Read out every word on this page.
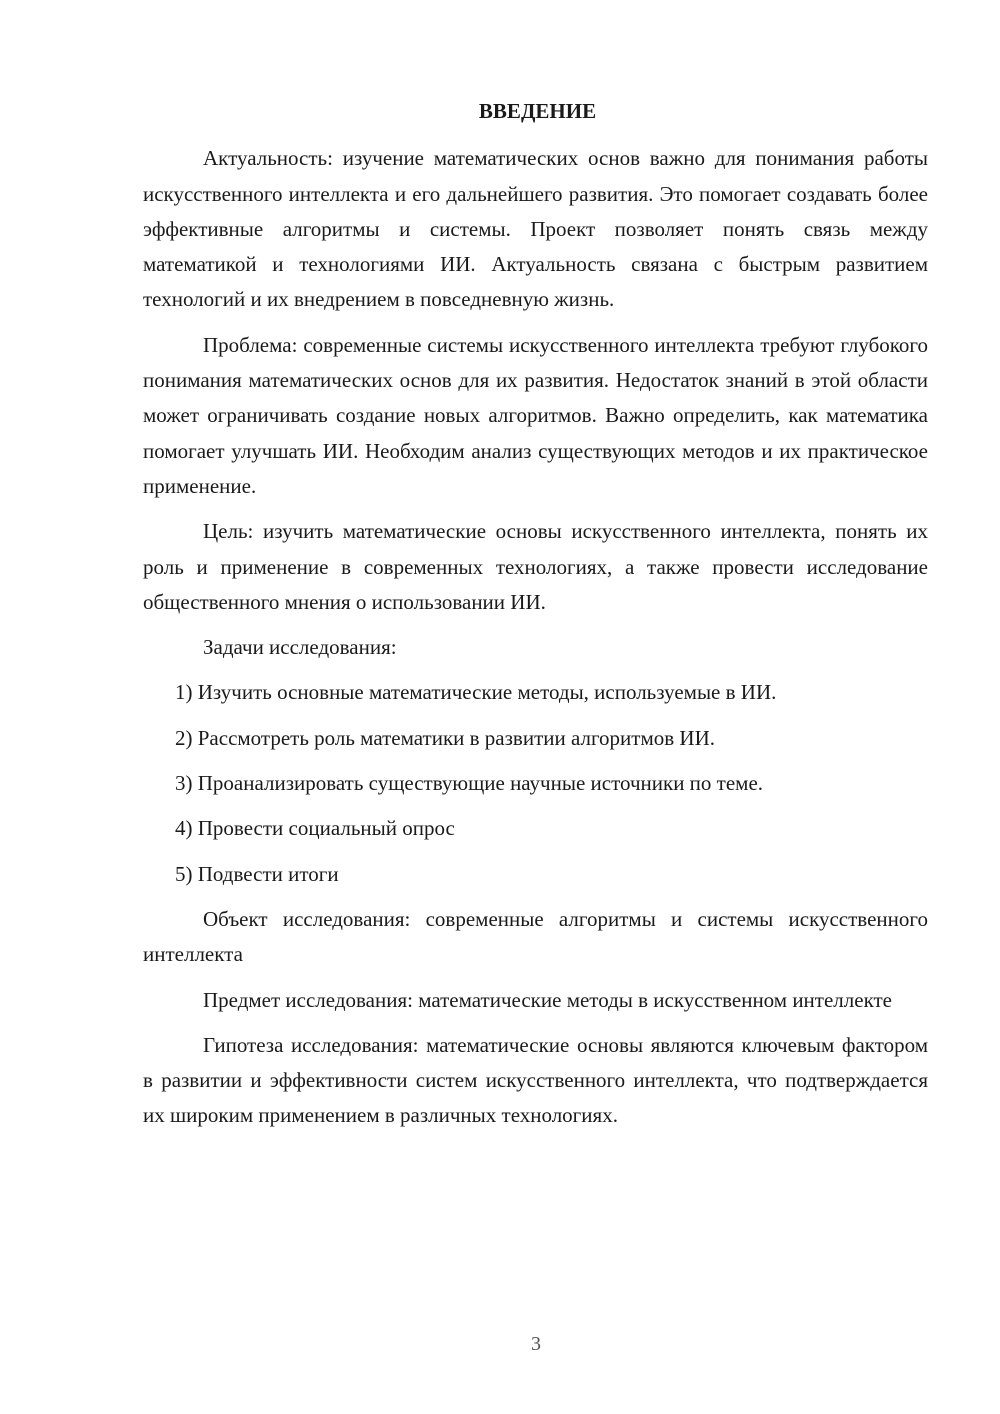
ВВЕДЕНИЕ

Актуальность: изучение математических основ важно для понимания работы искусственного интеллекта и его дальнейшего развития. Это помогает создавать более эффективные алгоритмы и системы. Проект позволяет понять связь между математикой и технологиями ИИ. Актуальность связана с быстрым развитием технологий и их внедрением в повседневную жизнь.

Проблема: современные системы искусственного интеллекта требуют глубокого понимания математических основ для их развития. Недостаток знаний в этой области может ограничивать создание новых алгоритмов. Важно определить, как математика помогает улучшать ИИ. Необходим анализ существующих методов и их практическое применение.

Цель: изучить математические основы искусственного интеллекта, понять их роль и применение в современных технологиях, а также провести исследование общественного мнения о использовании ИИ.

Задачи исследования:

1) Изучить основные математические методы, используемые в ИИ.
2) Рассмотреть роль математики в развитии алгоритмов ИИ.
3) Проанализировать существующие научные источники по теме.
4) Провести социальный опрос
5) Подвести итоги

Объект исследования: современные алгоритмы и системы искусственного интеллекта

Предмет исследования: математические методы в искусственном интеллекте

Гипотеза исследования: математические основы являются ключевым фактором в развитии и эффективности систем искусственного интеллекта, что подтверждается их широким применением в различных технологиях.

3
